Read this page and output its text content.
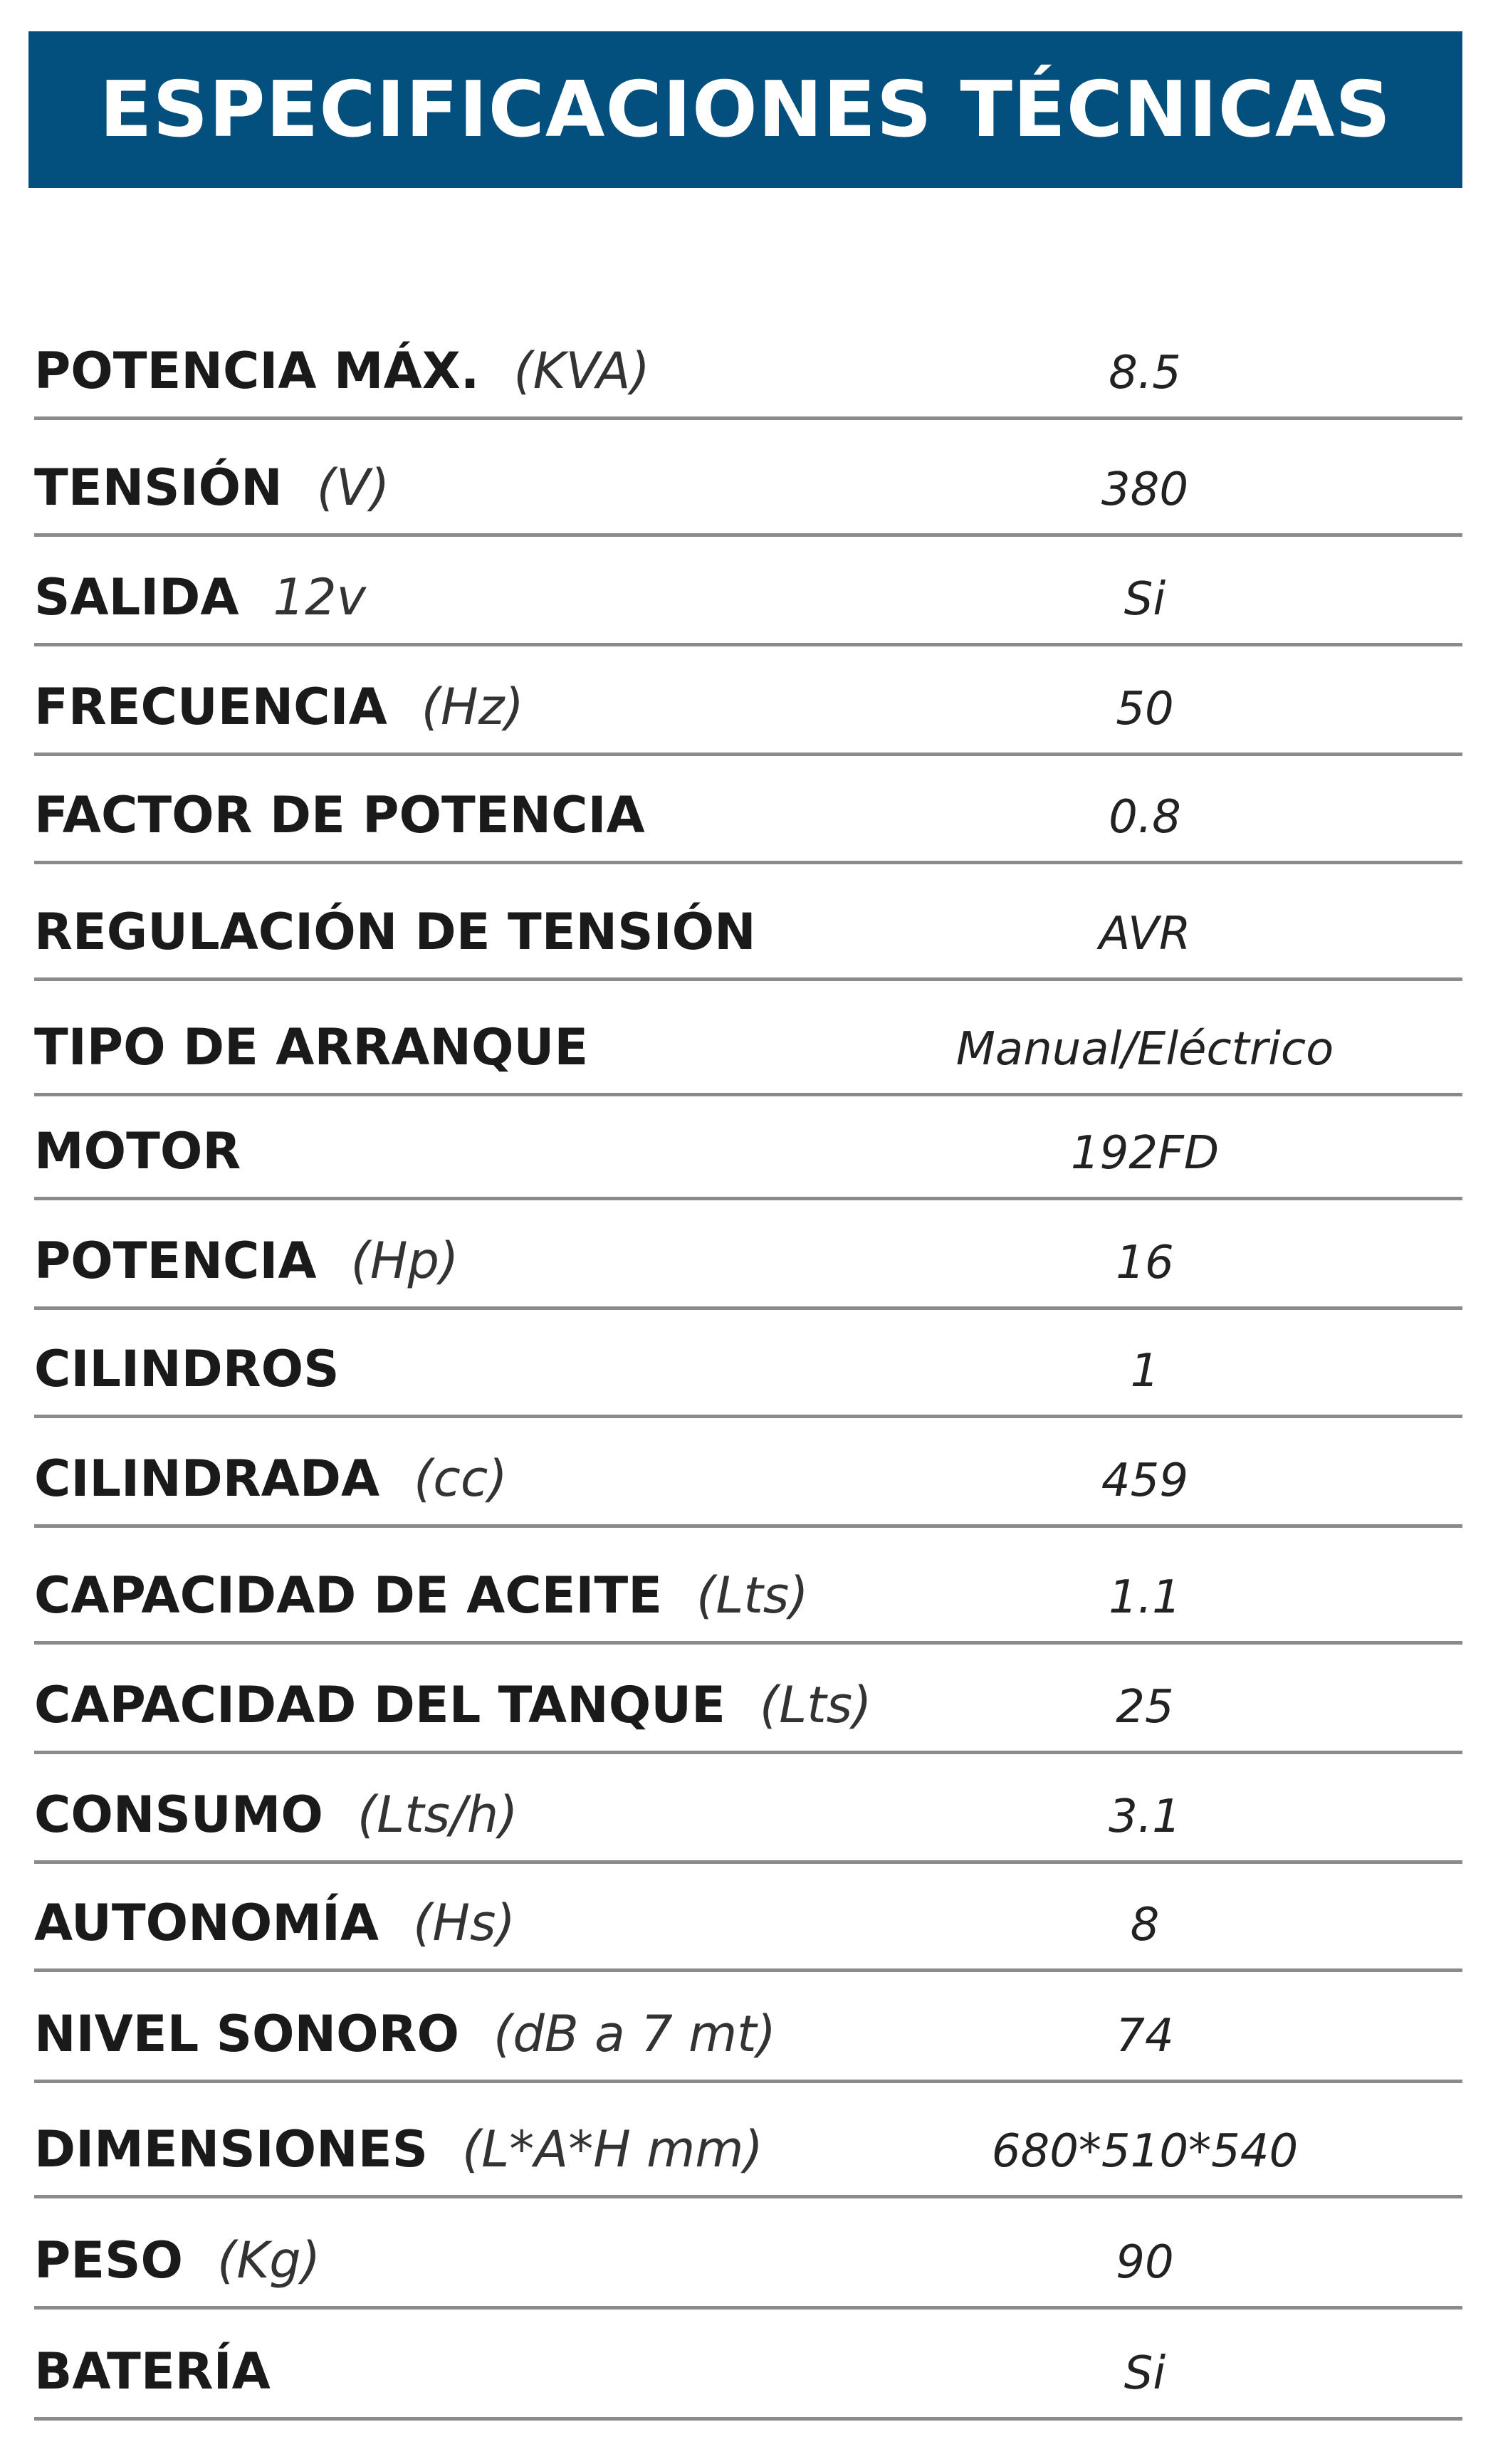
ESPECIFICACIONES TÉCNICAS
POTENCIA MÁX. (KVA)	8.5
TENSIÓN (V)	380
SALIDA 12v	Si
FRECUENCIA (Hz)	50
FACTOR DE POTENCIA	0.8
REGULACIÓN DE TENSIÓN	AVR
TIPO DE ARRANQUE	Manual/Eléctrico
MOTOR	192FD
POTENCIA (Hp)	16
CILINDROS	1
CILINDRADA (cc)	459
CAPACIDAD DE ACEITE (Lts)	1.1
CAPACIDAD DEL TANQUE (Lts)	25
CONSUMO (Lts/h)	3.1
AUTONOMÍA (Hs)	8
NIVEL SONORO (dB a 7 mt)	74
DIMENSIONES (L*A*H mm)	680*510*540
PESO (Kg)	90
BATERÍA	Si
